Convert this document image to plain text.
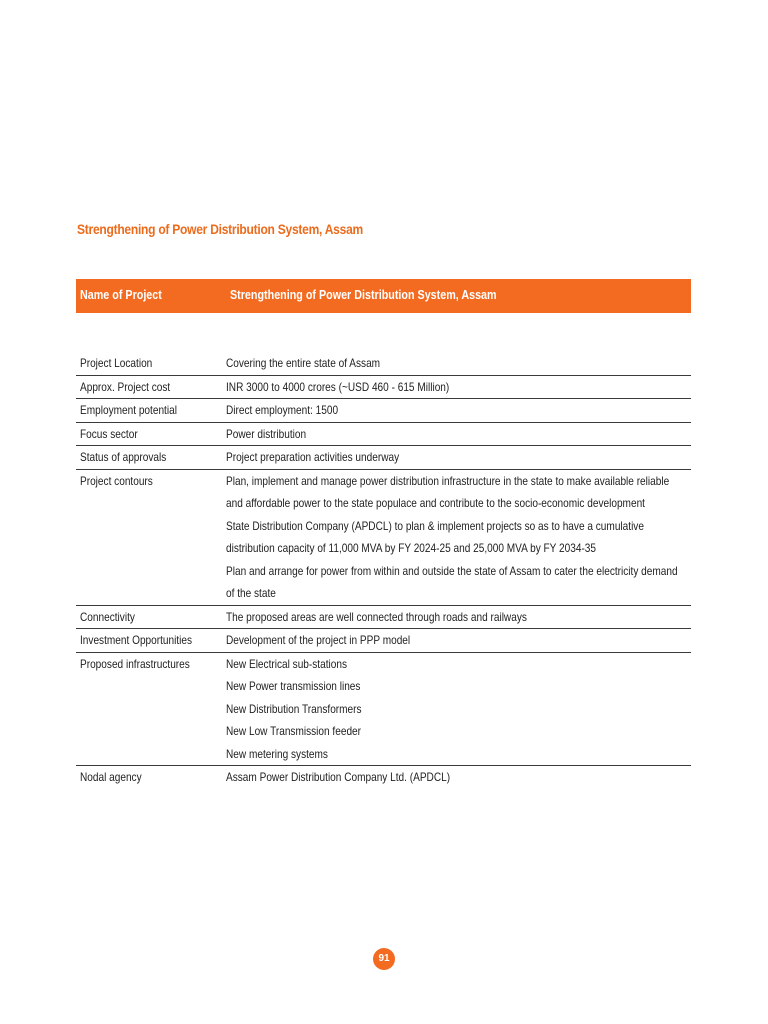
Strengthening of Power Distribution System, Assam
Name of Project	Strengthening of Power Distribution System, Assam
Project Location	Covering the entire state of Assam
Approx. Project cost	INR 3000 to 4000 crores (~USD 460 - 615 Million)
Employment potential	Direct employment: 1500
Focus sector	Power distribution
Status of approvals	Project preparation activities underway
Project contours	Plan, implement and manage power distribution infrastructure in the state to make available reliable
and affordable power to the state populace and contribute to the socio-economic development
State Distribution Company (APDCL) to plan & implement projects so as to have a cumulative
distribution capacity of 11,000 MVA by FY 2024-25 and 25,000 MVA by FY 2034-35
Plan and arrange for power from within and outside the state of Assam to cater the electricity demand
of the state
Connectivity	The proposed areas are well connected through roads and railways
Investment Opportunities	Development of the project in PPP model
Proposed infrastructures	New Electrical sub-stations
New Power transmission lines
New Distribution Transformers
New Low Transmission feeder
New metering systems
Nodal agency	Assam Power Distribution Company Ltd. (APDCL)
91
